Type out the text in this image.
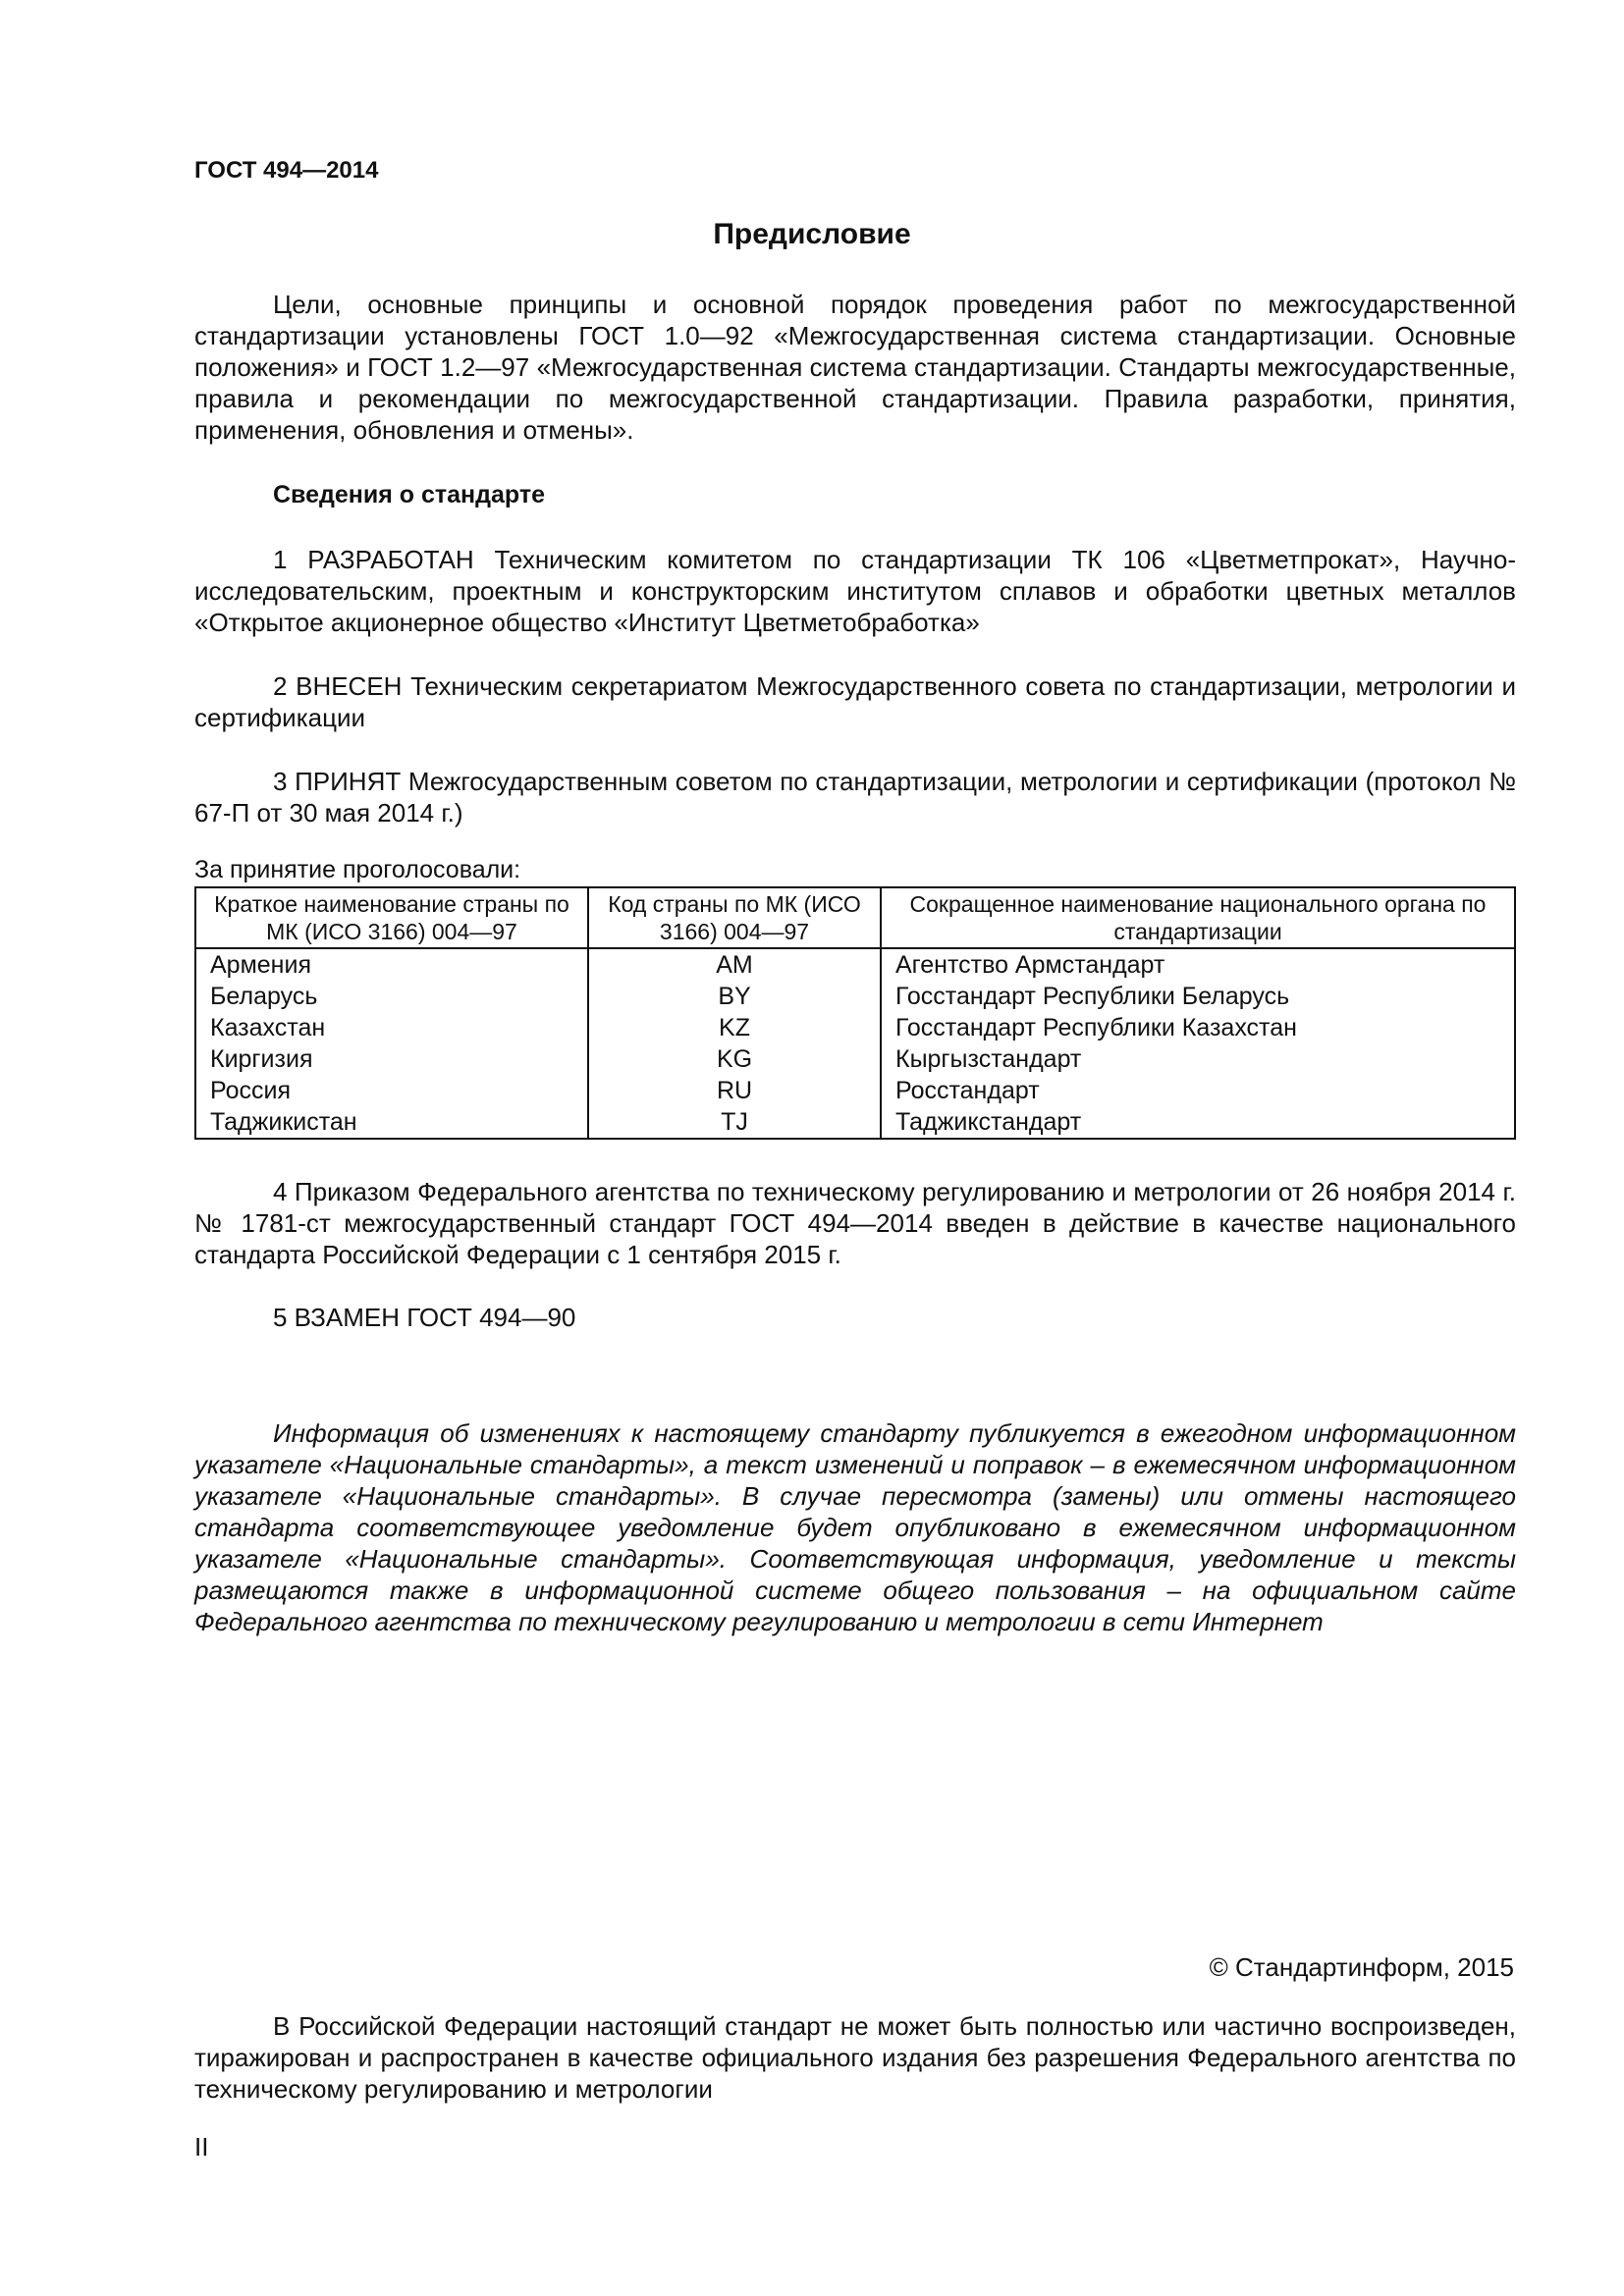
ГОСТ 494—2014
Предисловие
Цели, основные принципы и основной порядок проведения работ по межгосударственной стандартизации установлены ГОСТ 1.0—92 «Межгосударственная система стандартизации. Основные положения» и ГОСТ 1.2—97 «Межгосударственная система стандартизации. Стандарты межгосударственные, правила и рекомендации по межгосударственной стандартизации. Правила разработки, принятия, применения, обновления и отмены».
Сведения о стандарте
1 РАЗРАБОТАН Техническим комитетом по стандартизации ТК 106 «Цветметпрокат», Научно-исследовательским, проектным и конструкторским институтом сплавов и обработки цветных металлов «Открытое акционерное общество «Институт Цветметобработка»
2 ВНЕСЕН Техническим секретариатом Межгосударственного совета по стандартизации, метрологии и сертификации
3 ПРИНЯТ Межгосударственным советом по стандартизации, метрологии и сертификации (протокол № 67-П от 30 мая 2014 г.)
За принятие проголосовали:
Краткое наименование страны по МК (ИСО 3166) 004—97	Код страны по МК (ИСО 3166) 004—97	Сокращенное наименование национального органа по стандартизации
Армения	AM	Агентство Армстандарт
Беларусь	BY	Госстандарт Республики Беларусь
Казахстан	KZ	Госстандарт Республики Казахстан
Киргизия	KG	Кыргызстандарт
Россия	RU	Росстандарт
Таджикистан	TJ	Таджикстандарт
4 Приказом Федерального агентства по техническому регулированию и метрологии от 26 ноября 2014 г. № 1781-ст межгосударственный стандарт ГОСТ 494—2014 введен в действие в качестве национального стандарта Российской Федерации с 1 сентября 2015 г.
5 ВЗАМЕН ГОСТ 494—90
Информация об изменениях к настоящему стандарту публикуется в ежегодном информационном указателе «Национальные стандарты», а текст изменений и поправок – в ежемесячном информационном указателе «Национальные стандарты». В случае пересмотра (замены) или отмены настоящего стандарта соответствующее уведомление будет опубликовано в ежемесячном информационном указателе «Национальные стандарты». Соответствующая информация, уведомление и тексты размещаются также в информационной системе общего пользования – на официальном сайте Федерального агентства по техническому регулированию и метрологии в сети Интернет
© Стандартинформ, 2015
В Российской Федерации настоящий стандарт не может быть полностью или частично воспроизведен, тиражирован и распространен в качестве официального издания без разрешения Федерального агентства по техническому регулированию и метрологии
II
